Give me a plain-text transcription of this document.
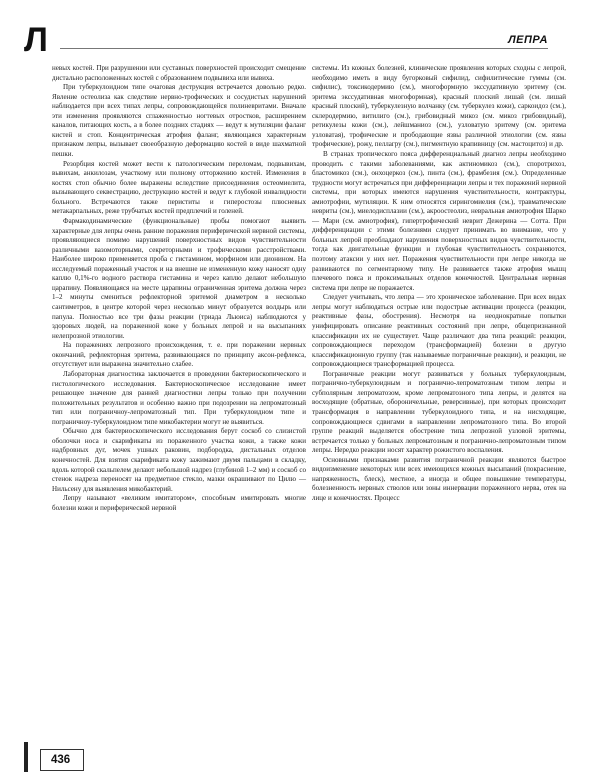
Л	ЛЕПРА

невых костей. При разрушении или суставных поверхностей происходит смещение дистально расположенных костей с образованием подвывиха или вывиха.

При туберкулоидном типе очаговая деструкция встречается довольно редко. Явление остеолиза как следствие нервно-трофических и сосудистых нарушений наблюдается при всех типах лепры, сопровождающейся полиневритами. Вначале эти изменения проявляются сглаженностью ногтевых отростков, расширением каналов, питающих кость, а в более поздних стадиях — ведут к мутиляции фаланг кистей и стоп. Концентрическая атрофия фаланг, являющаяся характерным признаком лепры, вызывает своеобразную деформацию костей в виде шахматной пешки.

Резорбция костей может вести к патологическим переломам, подвывихам, вывихам, анкилозам, участкому или полному отторжению костей. Изменения в костях стоп обычно более выражены вследствие присоединения остеомиелита, вызывающего секвестрацию, деструкцию костей и ведут к глубокой инвалидности больного. Встречаются также периститы и гиперостозы плюсневых метакарпальных, реже трубчатых костей предплечий и голеней.

Фармакодинамические (функциональные) пробы помогают выявить характерные для лепры очень ранние поражения периферической нервной системы, проявляющиеся помимо нарушений поверхностных видов чувствительности различными вазомоторными, секреторными и трофическими расстройствами. Наиболее широко применяется проба с гистамином, морфином или дионином. На исследуемый пораженный участок и на внешне не измененную кожу наносят одну каплю 0,1%-го водного раствора гистамина и через каплю делают небольшую царапину. Появляющаяся на месте царапины ограниченная эритема должна через 1–2 минуты смениться рефлекторной эритемой диаметром в несколько сантиметров, в центре которой через несколько минут образуется волдырь или папула. Полностью все три фазы реакции (триада Льюиса) наблюдаются у здоровых людей, на пораженной коже у больных лепрой и на высыпаниях нелепрозной этиологии.

На поражениях лепрозного происхождения, т. е. при поражении нервных окончаний, рефлекторная эритема, развивающаяся по принципу аксон-рефлекса, отсутствует или выражена значительно слабее.

Лабораторная диагностика заключается в проведении бактериоскопического и гистологического исследования. Бактериоскопическое исследование имеет решающее значение для ранней диагностики лепры только при получении положительных результатов и особенно важно при подозрении на лепроматозный тип или пограничноу-лепроматозный тип. При туберкулоидном типе и пограничноу-туберкулоидном типе микобактерии могут не выявиться.

Обычно для бактериоскопического исследования берут соскоб со слизистой оболочки носа и скарификаты из пораженного участка кожи, а также кожи надбровных дуг, мочек ушных раковин, подбородка, дистальных отделов конечностей. Для взятия скарификата кожу зажимают двумя пальцами в складку, вдоль которой скальпелем делают небольшой надрез (глубиной 1–2 мм) и соскоб со стенок надреза переносят на предметное стекло, мазки окрашивают по Цилю — Нильсену для выявления микобактерий.

Лепру называют «великим имитатором», способным имитировать многие болезни кожи и периферической нервной

системы. Из кожных болезней, клинические проявления которых сходны с лепрой, необходимо иметь в виду бугорковый сифилид, сифилитические гуммы (см. сифилис), токсикодермию (см.), многоформную экссудативную эритему (см. эритема экссудативная многоформная), красный плоский лишай (см. лишай красный плоский), туберкулезную волчанку (см. туберкулез кожи), саркоидоз (см.), склеродермию, витилиго (см.), грибовидный микоз (см. микоз грибовидный), ретикулезы кожи (см.), лейшманиоз (см.), узловатую эритему (см. эритема узловатая), трофические и прободающие язвы различной этиологии (см. язвы трофические), рожу, пеллагру (см.), пигментную крапивницу (см. мастоцитоз) и др.

В странах тропического пояса дифференциальный диагноз лепры необходимо проводить с такими заболеваниями, как актиномикоз (см.), споротрихоз, бластомикоз (см.), онхоцеркоз (см.), пинта (см.), фрамбезия (см.). Определенные трудности могут встречаться при дифференциации лепры и тех поражений нервной системы, при которых имеются нарушения чувствительности, контрактуры, амиотрофии, мутиляции. К ним относятся сирингомиелия (см.), травматические невриты (см.), миелодисплазии (см.), акроостеолиз, невральная амиотрофия Шарко — Мари (см. амиотрофия), гипертрофический неврит Дежерина — Сотта. При дифференциации с этими болезнями следует принимать во внимание, что у больных лепрой преобладают нарушения поверхностных видов чувствительности, тогда как двигательные функции и глубокая чувствительность сохраняются, поэтому атаксии у них нет. Поражения чувствительности при лепре никогда не развиваются по сегментарному типу. Не развивается также атрофия мышц плечевого пояса и проксимальных отделов конечностей. Центральная нервная система при лепре не поражается.

Следует учитывать, что лепра — это хроническое заболевание. При всех видах лепры могут наблюдаться острые или подострые активации процесса (реакции, реактивные фазы, обострения). Несмотря на неоднократные попытки унифицировать описание реактивных состояний при лепре, общепризнанной классификации их не существует. Чаще различают два типа реакций: реакции, сопровождающиеся переходом (трансформацией) болезни в другую классификационную группу (так называемые пограничные реакции), и реакции, не сопровождающиеся трансформацией процесса.

Пограничные реакции могут развиваться у больных туберкулоидным, погранично-туберкулоидным и погранично-лепроматозным типом лепры и субполярным лепроматозом, кроме лепроматозного типа лепры, и делятся на восходящие (обратные, обороничельные, реверсивные), при которых происходит трансформация в направлении туберкулоидного типа, и на нисходящие, сопровождающиеся сдвигами в направлении лепроматозного типа. Во второй группе реакций выделяется обострение типа лепрозной узловой эритемы, встречается только у больных лепроматозным и погранично-лепроматозным типом лепры. Нередко реакции носят характер рожистого воспаления.

Основными признаками развития пограничной реакции являются быстрое видоизменение некоторых или всех имеющихся кожных высыпаний (покраснение, напряженность, блеск), местное, а иногда и общее повышение температуры, болезненность нервных стволов или зоны иннервации пораженного нерва, отек на лице и конечностях. Процесс

436
